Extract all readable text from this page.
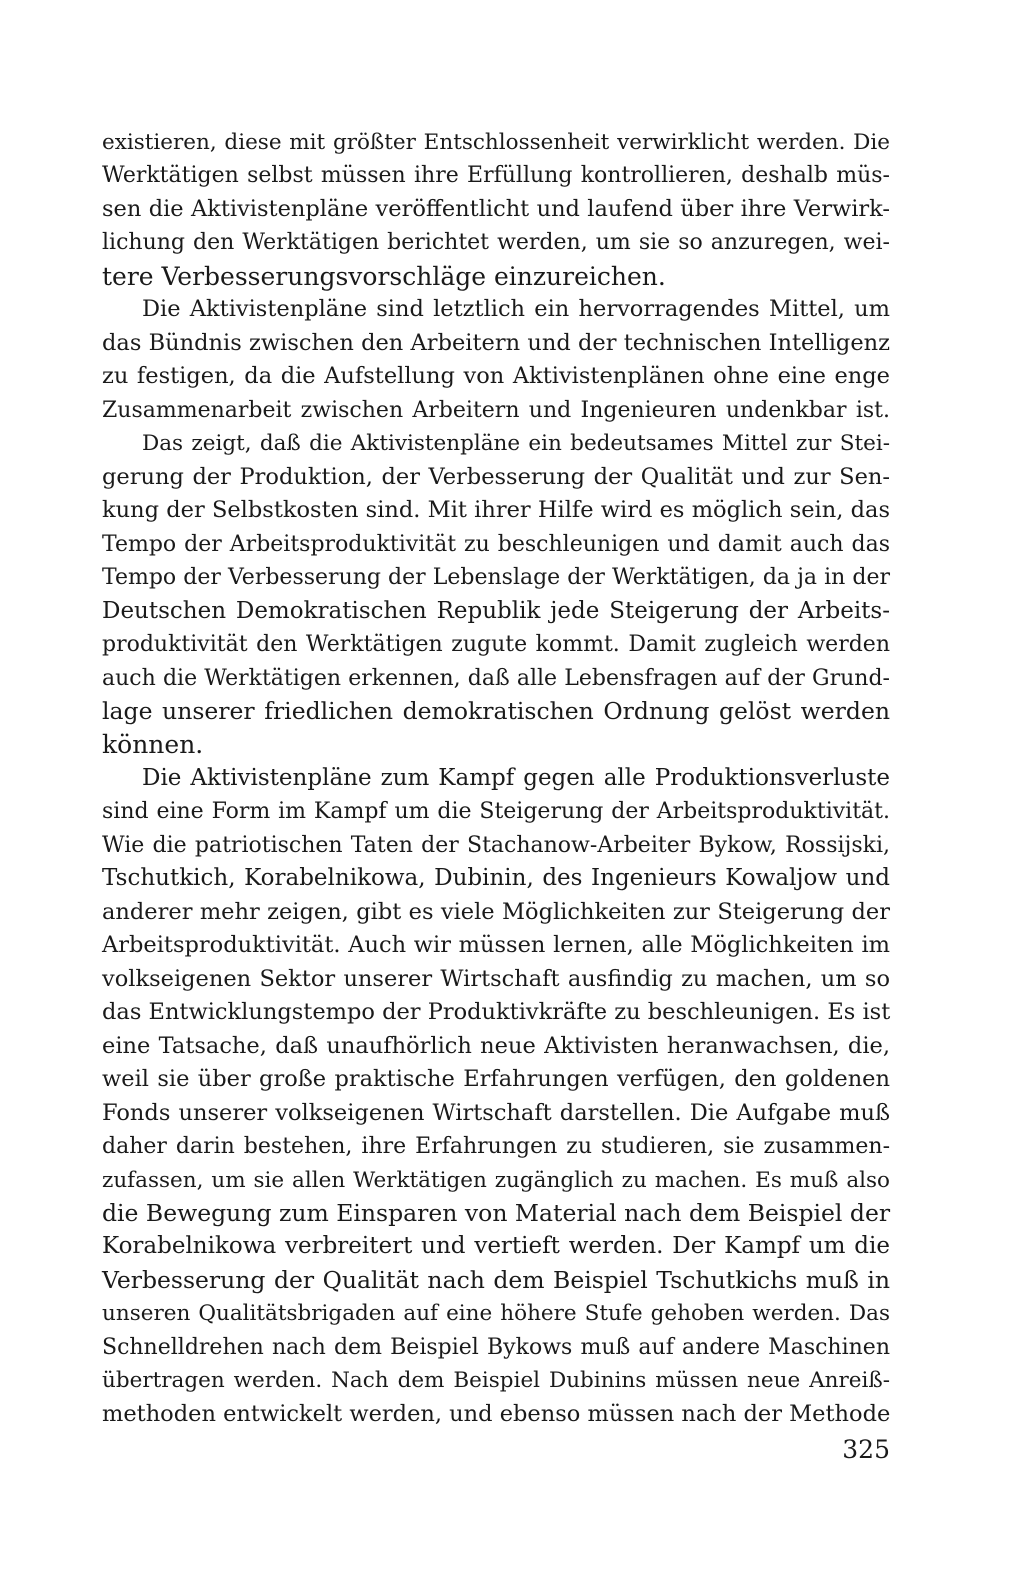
existieren, diese mit größter Entschlossenheit verwirklicht werden. Die
Werktätigen selbst müssen ihre Erfüllung kontrollieren, deshalb müs-
sen die Aktivistenpläne veröffentlicht und laufend über ihre Verwirk-
lichung den Werktätigen berichtet werden, um sie so anzuregen, wei-
tere Verbesserungsvorschläge einzureichen.
Die Aktivistenpläne sind letztlich ein hervorragendes Mittel, um
das Bündnis zwischen den Arbeitern und der technischen Intelligenz
zu festigen, da die Aufstellung von Aktivistenplänen ohne eine enge
Zusammenarbeit zwischen Arbeitern und Ingenieuren undenkbar ist.
Das zeigt, daß die Aktivistenpläne ein bedeutsames Mittel zur Stei-
gerung der Produktion, der Verbesserung der Qualität und zur Sen-
kung der Selbstkosten sind. Mit ihrer Hilfe wird es möglich sein, das
Tempo der Arbeitsproduktivität zu beschleunigen und damit auch das
Tempo der Verbesserung der Lebenslage der Werktätigen, da ja in der
Deutschen Demokratischen Republik jede Steigerung der Arbeits-
produktivität den Werktätigen zugute kommt. Damit zugleich werden
auch die Werktätigen erkennen, daß alle Lebensfragen auf der Grund-
lage unserer friedlichen demokratischen Ordnung gelöst werden
können.
Die Aktivistenpläne zum Kampf gegen alle Produktionsverluste
sind eine Form im Kampf um die Steigerung der Arbeitsproduktivität.
Wie die patriotischen Taten der Stachanow-Arbeiter Bykow, Rossijski,
Tschutkich, Korabelnikowa, Dubinin, des Ingenieurs Kowaljow und
anderer mehr zeigen, gibt es viele Möglichkeiten zur Steigerung der
Arbeitsproduktivität. Auch wir müssen lernen, alle Möglichkeiten im
volkseigenen Sektor unserer Wirtschaft ausfindig zu machen, um so
das Entwicklungstempo der Produktivkräfte zu beschleunigen. Es ist
eine Tatsache, daß unaufhörlich neue Aktivisten heranwachsen, die,
weil sie über große praktische Erfahrungen verfügen, den goldenen
Fonds unserer volkseigenen Wirtschaft darstellen. Die Aufgabe muß
daher darin bestehen, ihre Erfahrungen zu studieren, sie zusammen-
zufassen, um sie allen Werktätigen zugänglich zu machen. Es muß also
die Bewegung zum Einsparen von Material nach dem Beispiel der
Korabelnikowa verbreitert und vertieft werden. Der Kampf um die
Verbesserung der Qualität nach dem Beispiel Tschutkichs muß in
unseren Qualitätsbrigaden auf eine höhere Stufe gehoben werden. Das
Schnelldrehen nach dem Beispiel Bykows muß auf andere Maschinen
übertragen werden. Nach dem Beispiel Dubinins müssen neue Anreiß-
methoden entwickelt werden, und ebenso müssen nach der Methode
325
